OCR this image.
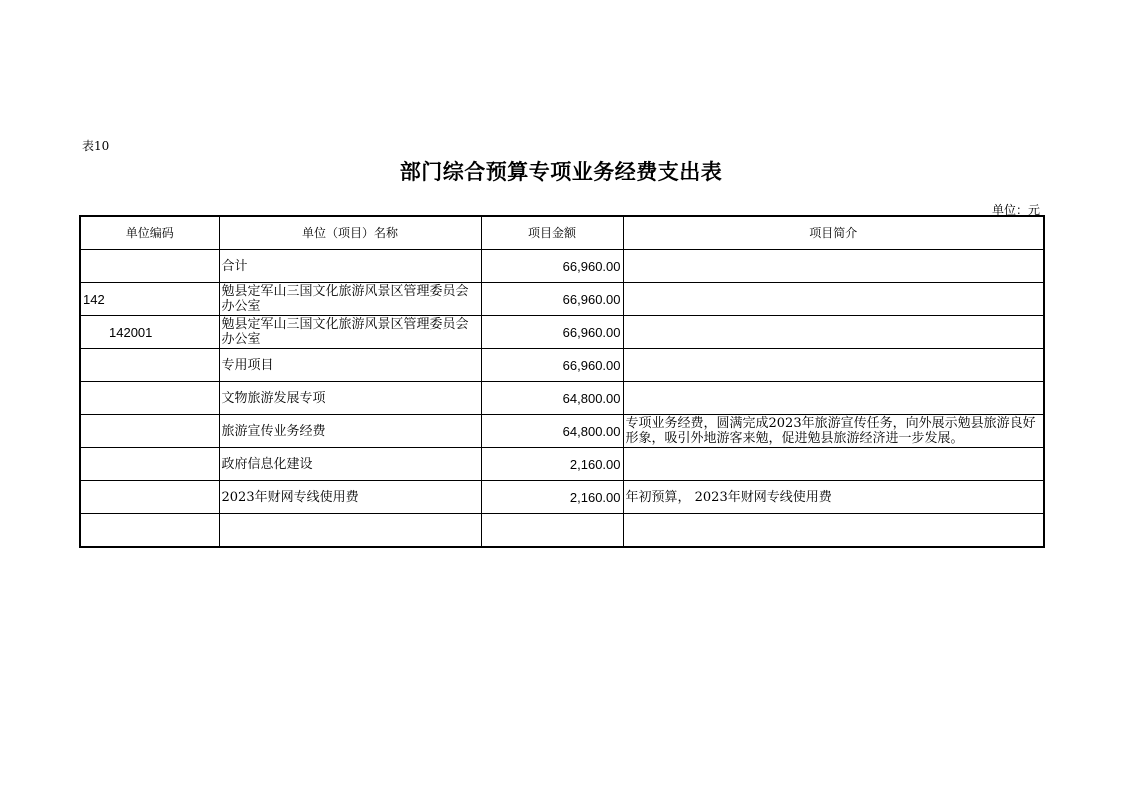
表10
部门综合预算专项业务经费支出表
单位：元
单位编码	单位（项目）名称	项目金额	项目简介
	合计	66,960.00	
142	勉县定军山三国文化旅游风景区管理委员会办公室	66,960.00	
142001	勉县定军山三国文化旅游风景区管理委员会办公室	66,960.00	
	专用项目	66,960.00	
	文物旅游发展专项	64,800.00	
	旅游宣传业务经费	64,800.00	专项业务经费，圆满完成2023年旅游宣传任务，向外展示勉县旅游良好形象，吸引外地游客来勉，促进勉县旅游经济进一步发展。
	政府信息化建设	2,160.00	
	2023年财网专线使用费	2,160.00	年初预算， 2023年财网专线使用费
